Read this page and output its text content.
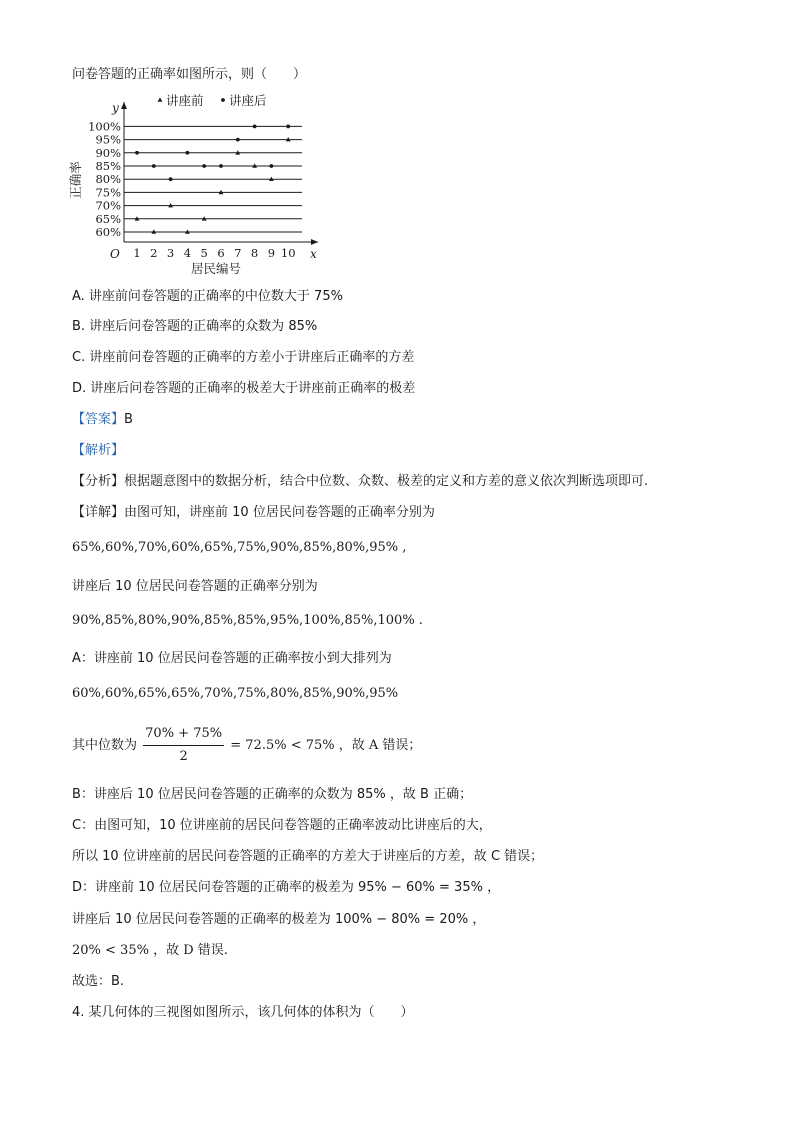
问卷答题的正确率如图所示，则（　　）
60%
65%
70%
75%
80%
85%
90%
95%
100%
1 2 3 4 5 6 7 8 9 10
讲座前 讲座后
O	x
y
居民编号
正确率
A. 讲座前问卷答题的正确率的中位数大于 75%
B. 讲座后问卷答题的正确率的众数为 85%
C. 讲座前问卷答题的正确率的方差小于讲座后正确率的方差
D. 讲座后问卷答题的正确率的极差大于讲座前正确率的极差
【答案】B
【解析】
【分析】根据题意图中的数据分析，结合中位数、众数、极差的定义和方差的意义依次判断选项即可.
【详解】由图可知，讲座前 10 位居民问卷答题的正确率分别为
65%,60%,70%,60%,65%,75%,90%,85%,80%,95% ,
讲座后 10 位居民问卷答题的正确率分别为
90%,85%,80%,90%,85%,85%,95%,100%,85%,100% .
A：讲座前 10 位居民问卷答题的正确率按小到大排列为
60%,60%,65%,65%,70%,75%,80%,85%,90%,95%
其中位数为 $\frac{70\% + 75\%}{2} = 72.5\% < 75\%$ ，故 A 错误；
B：讲座后 10 位居民问卷答题的正确率的众数为 85% ，故 B 正确；
C：由图可知，10 位讲座前的居民问卷答题的正确率波动比讲座后的大，
所以 10 位讲座前的居民问卷答题的正确率的方差大于讲座后的方差，故 C 错误；
D：讲座前 10 位居民问卷答题的正确率的极差为 95% − 60% = 35% ，
讲座后 10 位居民问卷答题的正确率的极差为 100% − 80% = 20% ，
20% < 35% ，故 D 错误.
故选：B.
4. 某几何体的三视图如图所示，该几何体的体积为（　　）
